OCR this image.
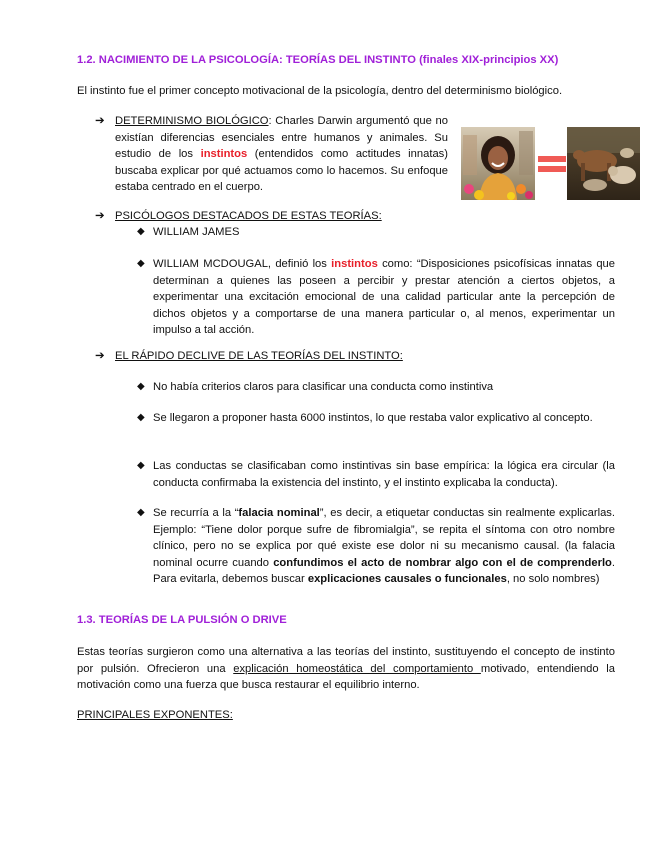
1.2. NACIMIENTO DE LA PSICOLOGÍA: TEORÍAS DEL INSTINTO (finales XIX-principios XX)
El instinto fue el primer concepto motivacional de la psicología, dentro del determinismo biológico.
➔ DETERMINISMO BIOLÓGICO: Charles Darwin argumentó que no existían diferencias esenciales entre humanos y animales. Su estudio de los instintos (entendidos como actitudes innatas) buscaba explicar por qué actuamos como lo hacemos. Su enfoque estaba centrado en el cuerpo.
➔ PSICÓLOGOS DESTACADOS DE ESTAS TEORÍAS:
◆ WILLIAM JAMES
◆ WILLIAM MCDOUGAL, definió los instintos como: “Disposiciones psicofísicas innatas que determinan a quienes las poseen a percibir y prestar atención a ciertos objetos, a experimentar una excitación emocional de una calidad particular ante la percepción de dichos objetos y a comportarse de una manera particular o, al menos, experimentar un impulso a tal acción.
➔ EL RÁPIDO DECLIVE DE LAS TEORÍAS DEL INSTINTO:
◆ No había criterios claros para clasificar una conducta como instintiva
◆ Se llegaron a proponer hasta 6000 instintos, lo que restaba valor explicativo al concepto.
◆ Las conductas se clasificaban como instintivas sin base empírica: la lógica era circular (la conducta confirmaba la existencia del instinto, y el instinto explicaba la conducta).
◆ Se recurría a la “falacia nominal”, es decir, a etiquetar conductas sin realmente explicarlas. Ejemplo: “Tiene dolor porque sufre de fibromialgia”, se repita el síntoma con otro nombre clínico, pero no se explica por qué existe ese dolor ni su mecanismo causal. (la falacia nominal ocurre cuando confundimos el acto de nombrar algo con el de comprenderlo. Para evitarla, debemos buscar explicaciones causales o funcionales, no solo nombres)
1.3. TEORÍAS DE LA PULSIÓN O DRIVE
Estas teorías surgieron como una alternativa a las teorías del instinto, sustituyendo el concepto de instinto por pulsión. Ofrecieron una explicación homeostática del comportamiento motivado, entendiendo la motivación como una fuerza que busca restaurar el equilibrio interno.
PRINCIPALES EXPONENTES:
